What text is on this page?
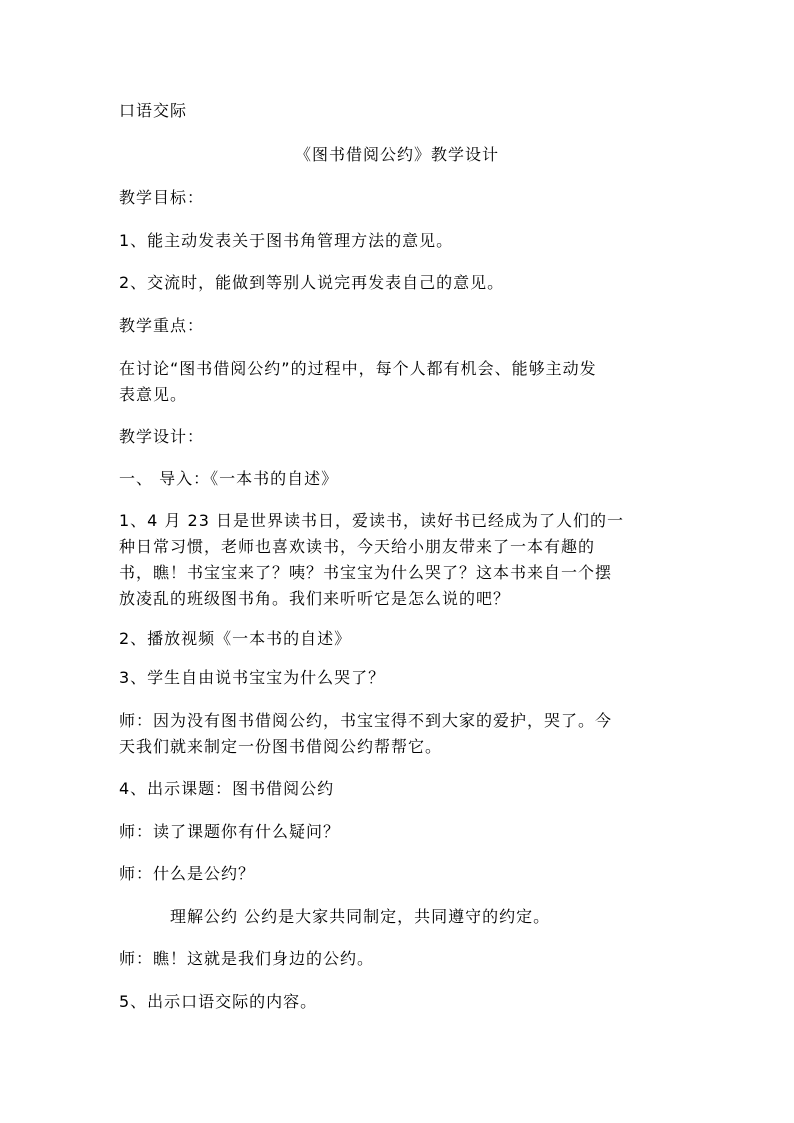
口语交际
《图书借阅公约》教学设计
教学目标：
1、能主动发表关于图书角管理方法的意见。
2、交流时，能做到等别人说完再发表自己的意见。
教学重点：
在讨论“图书借阅公约”的过程中，每个人都有机会、能够主动发
表意见。
教学设计：
一、 导入：《一本书的自述》
1、4 月 23 日是世界读书日，爱读书，读好书已经成为了人们的一
种日常习惯，老师也喜欢读书，今天给小朋友带来了一本有趣的
书，瞧！书宝宝来了？咦？书宝宝为什么哭了？这本书来自一个摆
放凌乱的班级图书角。我们来听听它是怎么说的吧？
2、播放视频《一本书的自述》
3、学生自由说书宝宝为什么哭了？
师：因为没有图书借阅公约，书宝宝得不到大家的爱护，哭了。今
天我们就来制定一份图书借阅公约帮帮它。
4、出示课题：图书借阅公约
师：读了课题你有什么疑问？
师：什么是公约？
理解公约 公约是大家共同制定，共同遵守的约定。
师：瞧！这就是我们身边的公约。
5、出示口语交际的内容。
